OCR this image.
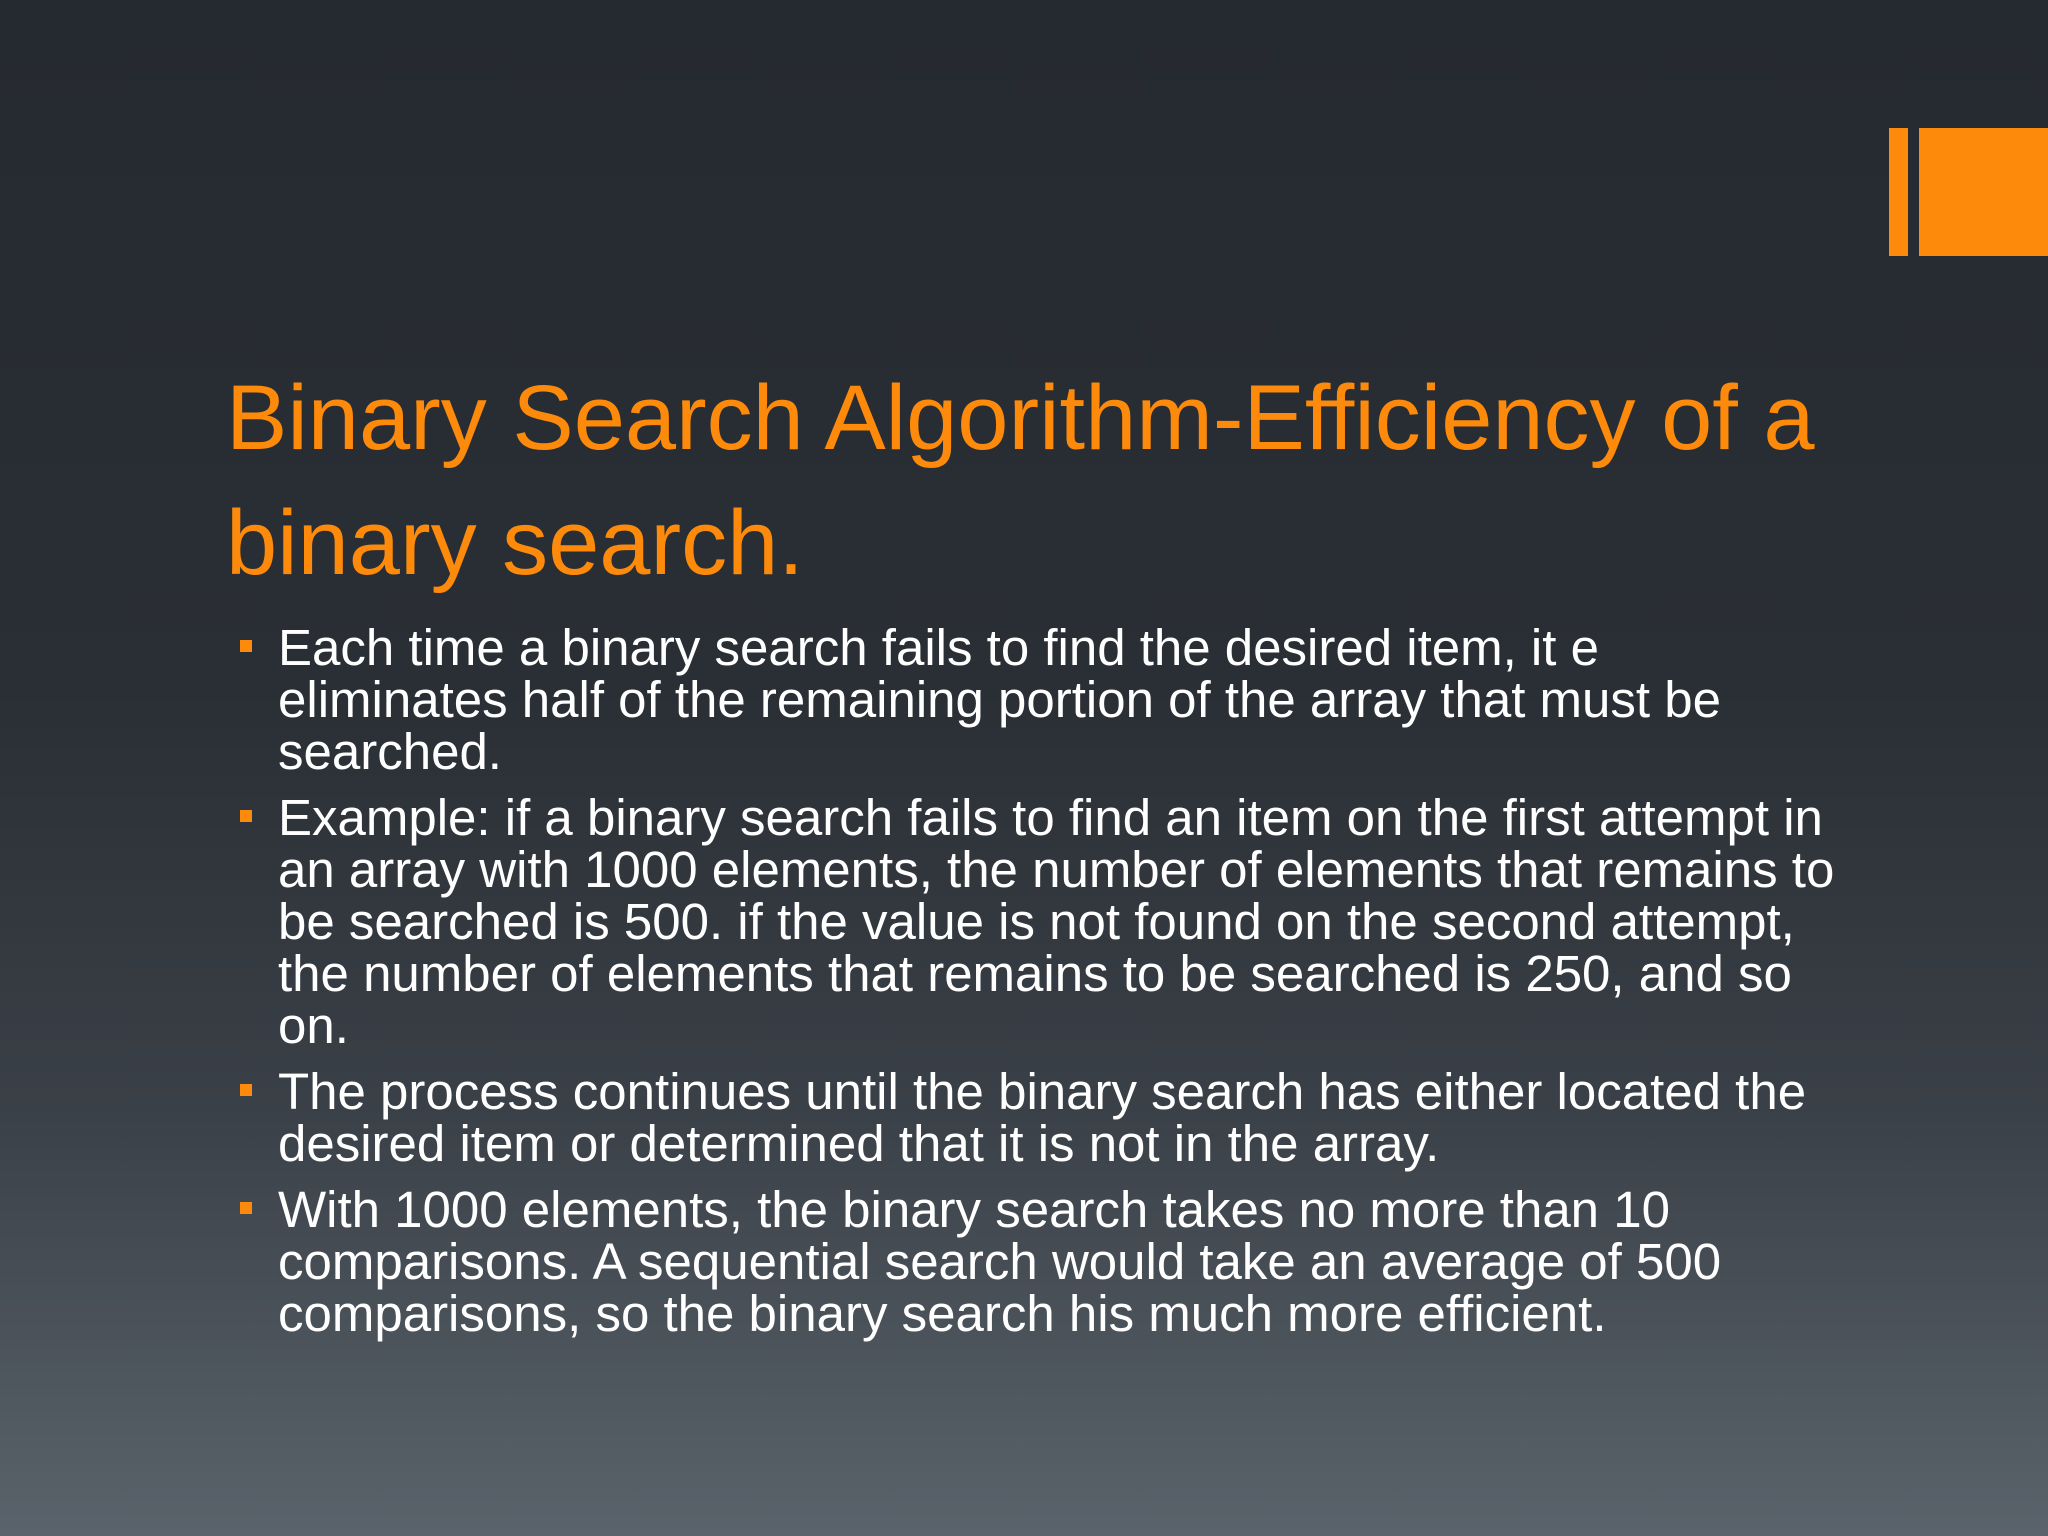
Binary Search Algorithm-Efficiency of a binary search.
Each time a binary search fails to find the desired item, it e eliminates half of the remaining portion of the array that must be searched.
Example: if a binary search fails to find an item on the first attempt in an array with 1000 elements, the number of elements that remains to be searched is 500. if the value is not found on the second attempt, the number of elements that remains to be searched is 250, and so on.
The process continues until the binary search has either located the desired item or determined that it is not in the array.
With 1000 elements, the binary search takes no more than 10 comparisons. A sequential search would take an average of 500 comparisons, so the binary search his much more efficient.
